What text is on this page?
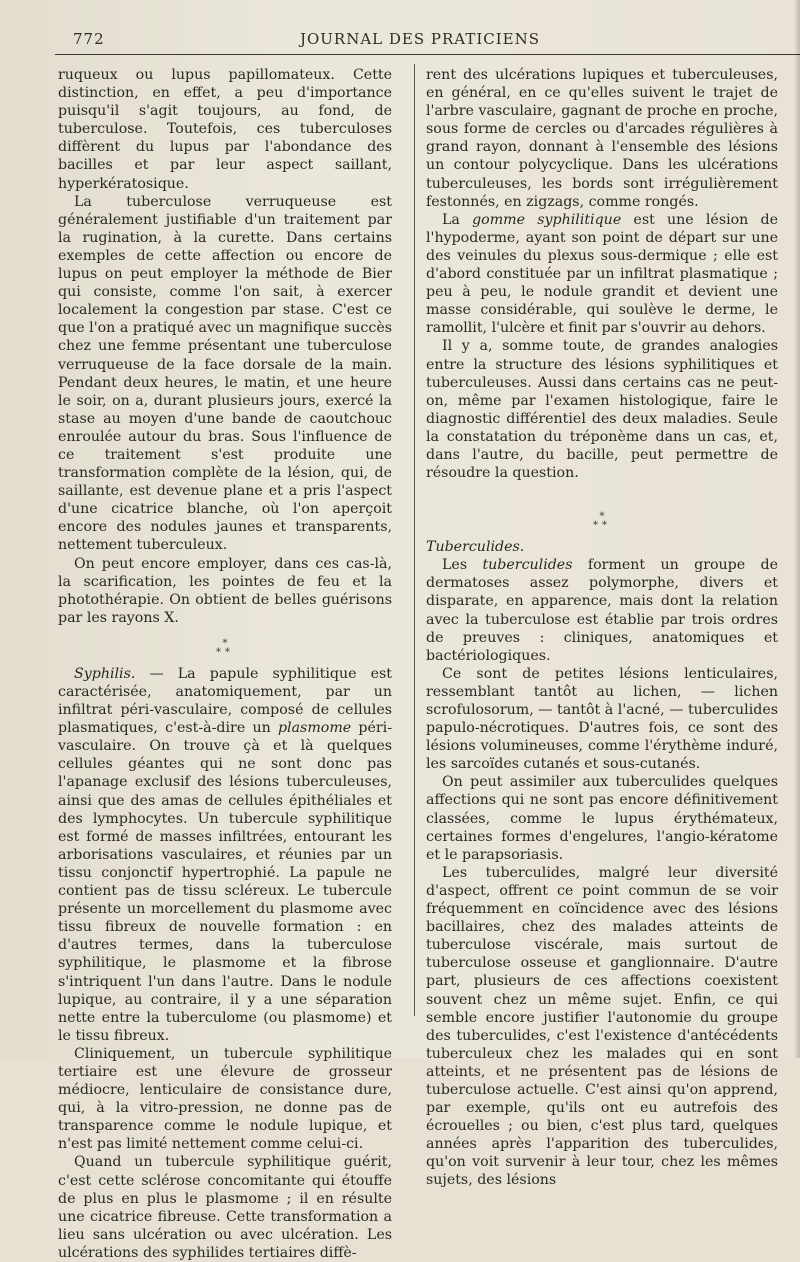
772	JOURNAL DES PRATICIENS

ruqueux ou lupus papillomateux. Cette distinction, en effet, a peu d'importance puisqu'il s'agit toujours, au fond, de tuberculose. Toutefois, ces tuberculoses diffèrent du lupus par l'abondance des bacilles et par leur aspect saillant, hyperkératosique.

La tuberculose verruqueuse est généralement justifiable d'un traitement par la rugination, à la curette. Dans certains exemples de cette affection ou encore de lupus on peut employer la méthode de Bier qui consiste, comme l'on sait, à exercer localement la congestion par stase. C'est ce que l'on a pratiqué avec un magnifique succès chez une femme présentant une tuberculose verruqueuse de la face dorsale de la main. Pendant deux heures, le matin, et une heure le soir, on a, durant plusieurs jours, exercé la stase au moyen d'une bande de caoutchouc enroulée autour du bras. Sous l'influence de ce traitement s'est produite une transformation complète de la lésion, qui, de saillante, est devenue plane et a pris l'aspect d'une cicatrice blanche, où l'on aperçoit encore des nodules jaunes et transparents, nettement tuberculeux.

On peut encore employer, dans ces cas-là, la scarification, les pointes de feu et la photothérapie. On obtient de belles guérisons par les rayons X.

*
**

Syphilis. — La papule syphilitique est caractérisée, anatomiquement, par un infiltrat péri-vasculaire, composé de cellules plasmatiques, c'est-à-dire un plasmome péri-vasculaire. On trouve çà et là quelques cellules géantes qui ne sont donc pas l'apanage exclusif des lésions tuberculeuses, ainsi que des amas de cellules épithéliales et des lymphocytes. Un tubercule syphilitique est formé de masses infiltrées, entourant les arborisations vasculaires, et réunies par un tissu conjonctif hypertrophié. La papule ne contient pas de tissu scléreux. Le tubercule présente un morcellement du plasmome avec tissu fibreux de nouvelle formation : en d'autres termes, dans la tuberculose syphilitique, le plasmome et la fibrose s'intriquent l'un dans l'autre. Dans le nodule lupique, au contraire, il y a une séparation nette entre la tuberculome (ou plasmome) et le tissu fibreux.

Cliniquement, un tubercule syphilitique tertiaire est une élevure de grosseur médiocre, lenticulaire de consistance dure, qui, à la vitro-pression, ne donne pas de transparence comme le nodule lupique, et n'est pas limité nettement comme celui-ci.

Quand un tubercule syphilitique guérit, c'est cette sclérose concomitante qui étouffe de plus en plus le plasmome ; il en résulte une cicatrice fibreuse. Cette transformation a lieu sans ulcération ou avec ulcération. Les ulcérations des syphilides tertiaires diffè-

rent des ulcérations lupiques et tuberculeuses, en général, en ce qu'elles suivent le trajet de l'arbre vasculaire, gagnant de proche en proche, sous forme de cercles ou d'arcades régulières à grand rayon, donnant à l'ensemble des lésions un contour polycyclique. Dans les ulcérations tuberculeuses, les bords sont irrégulièrement festonnés, en zigzags, comme rongés.

La gomme syphilitique est une lésion de l'hypoderme, ayant son point de départ sur une des veinules du plexus sous-dermique ; elle est d'abord constituée par un infiltrat plasmatique ; peu à peu, le nodule grandit et devient une masse considérable, qui soulève le derme, le ramollit, l'ulcère et finit par s'ouvrir au dehors.

Il y a, somme toute, de grandes analogies entre la structure des lésions syphilitiques et tuberculeuses. Aussi dans certains cas ne peut-on, même par l'examen histologique, faire le diagnostic différentiel des deux maladies. Seule la constatation du tréponème dans un cas, et, dans l'autre, du bacille, peut permettre de résoudre la question.

*
**

Tuberculides.

Les tuberculides forment un groupe de dermatoses assez polymorphe, divers et disparate, en apparence, mais dont la relation avec la tuberculose est établie par trois ordres de preuves : cliniques, anatomiques et bactériologiques.

Ce sont de petites lésions lenticulaires, ressemblant tantôt au lichen, — lichen scrofulosorum, — tantôt à l'acné, — tuberculides papulo-nécrotiques. D'autres fois, ce sont des lésions volumineuses, comme l'érythème induré, les sarcoïdes cutanés et sous-cutanés.

On peut assimiler aux tuberculides quelques affections qui ne sont pas encore définitivement classées, comme le lupus érythémateux, certaines formes d'engelures, l'angio-kératome et le parapsoriasis.

Les tuberculides, malgré leur diversité d'aspect, offrent ce point commun de se voir fréquemment en coïncidence avec des lésions bacillaires, chez des malades atteints de tuberculose viscérale, mais surtout de tuberculose osseuse et ganglionnaire. D'autre part, plusieurs de ces affections coexistent souvent chez un même sujet. Enfin, ce qui semble encore justifier l'autonomie du groupe des tuberculides, c'est l'existence d'antécédents tuberculeux chez les malades qui en sont atteints, et ne présentent pas de lésions de tuberculose actuelle. C'est ainsi qu'on apprend, par exemple, qu'ils ont eu autrefois des écrouelles ; ou bien, c'est plus tard, quelques années après l'apparition des tuberculides, qu'on voit survenir à leur tour, chez les mêmes sujets, des lésions
